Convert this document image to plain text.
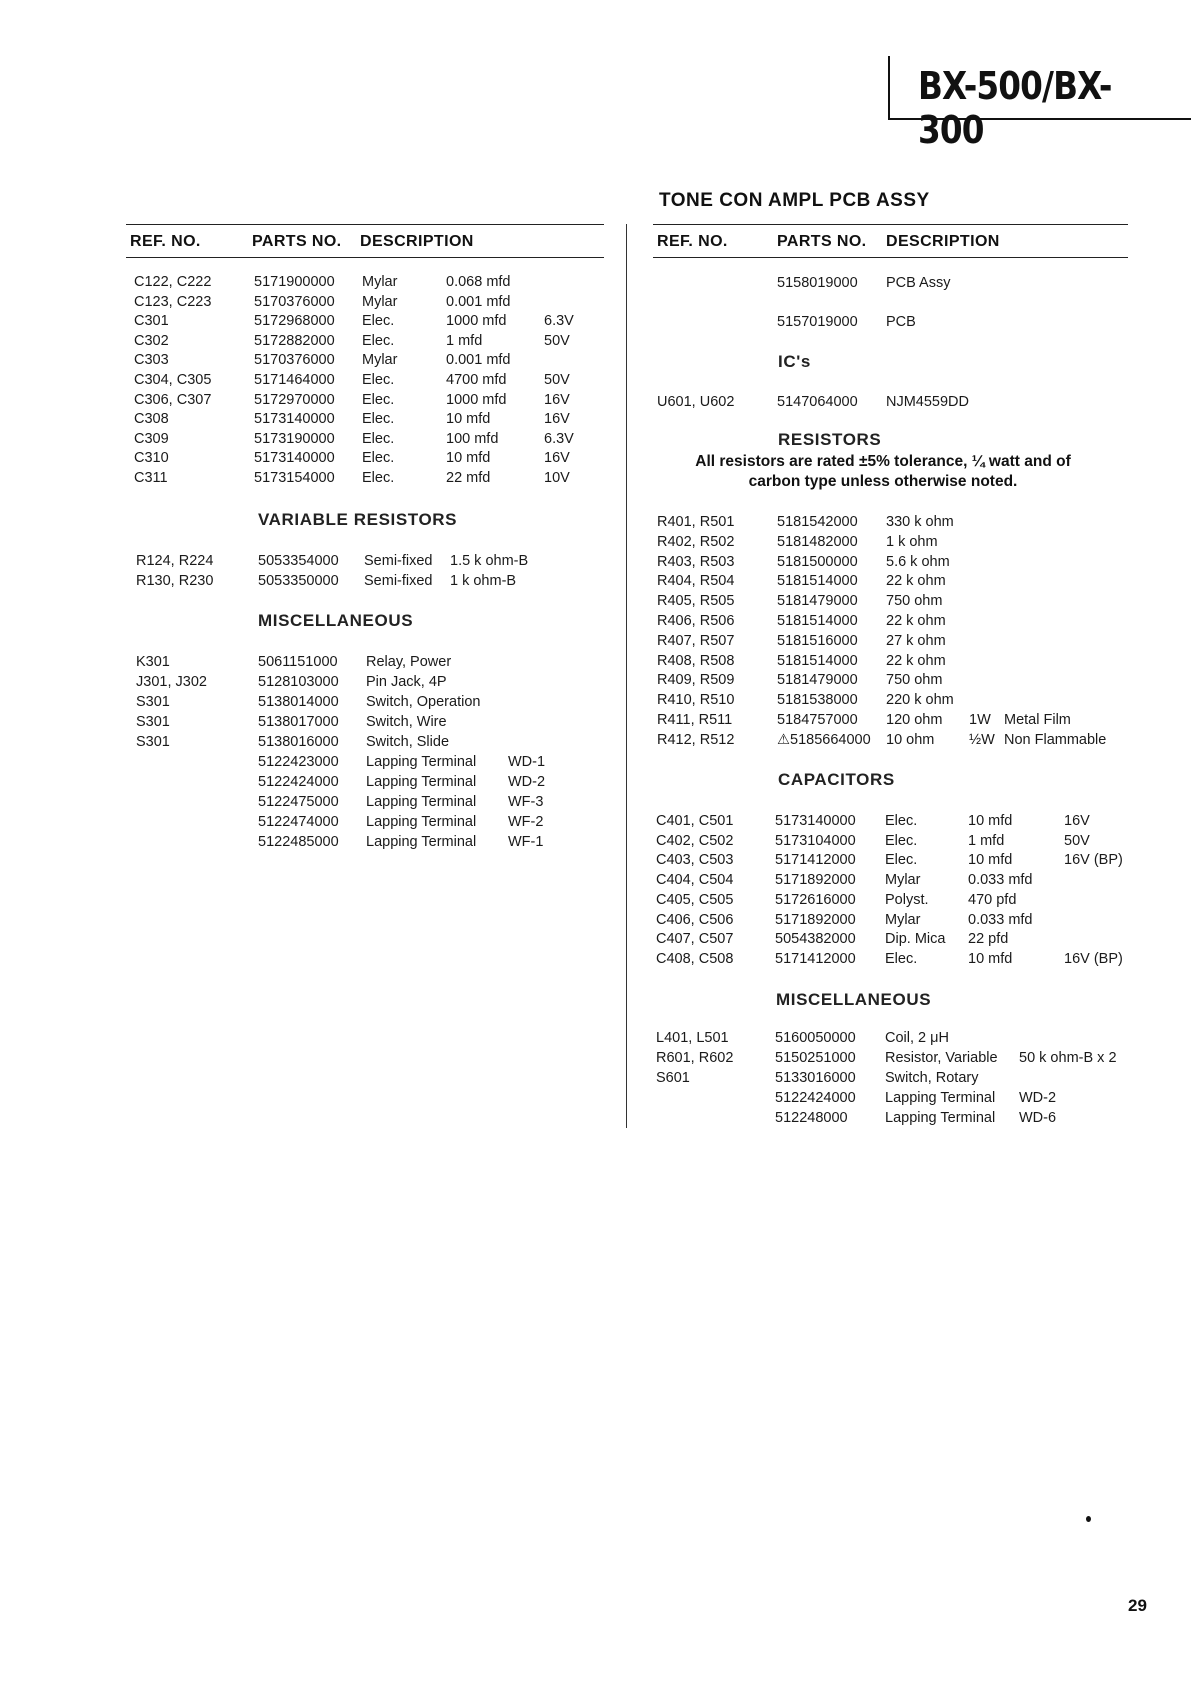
BX-500/BX-300
REF. NO.	PARTS NO. DESCRIPTION
C122, C222	5171900000 Mylar	0.068 mfd
C123, C223	5170376000 Mylar	0.001 mfd
C301	5172968000 Elec.	1000 mfd	6.3V
C302	5172882000 Elec.	1 mfd	50V
C303	5170376000 Mylar	0.001 mfd
C304, C305	5171464000 Elec.	4700 mfd	50V
C306, C307	5172970000 Elec.	1000 mfd	16V
C308	5173140000 Elec.	10 mfd	16V
C309	5173190000 Elec.	100 mfd	6.3V
C310	5173140000 Elec.	10 mfd	16V
C311	5173154000 Elec.	22 mfd	10V
VARIABLE RESISTORS
R124, R224	5053354000 Semi-fixed 1.5 k ohm-B
R130, R230	5053350000 Semi-fixed 1 k ohm-B
MISCELLANEOUS
K301	5061151000 Relay, Power
J301, J302	5128103000 Pin Jack, 4P
S301	5138014000 Switch, Operation
S301	5138017000 Switch, Wire
S301	5138016000 Switch, Slide
5122423000 Lapping Terminal WD-1
5122424000 Lapping Terminal WD-2
5122475000 Lapping Terminal WF-3
5122474000 Lapping Terminal WF-2
5122485000 Lapping Terminal WF-1
TONE CON AMPL PCB ASSY
REF. NO.	PARTS NO. DESCRIPTION
5158019000 PCB Assy
5157019000 PCB
IC's
U601, U602	5147064000 NJM4559DD
RESISTORS
All resistors are rated ±5% tolerance, ¼ watt and of
carbon type unless otherwise noted.
R401, R501	5181542000 330 k ohm
R402, R502	5181482000 1 k ohm
R403, R503	5181500000 5.6 k ohm
R404, R504	5181514000 22 k ohm
R405, R505	5181479000 750 ohm
R406, R506	5181514000 22 k ohm
R407, R507	5181516000 27 k ohm
R408, R508	5181514000 22 k ohm
R409, R509	5181479000 750 ohm
R410, R510	5181538000 220 k ohm
R411, R511	5184757000 120 ohm 1W Metal Film
R412, R512	⚠5185664000 10 ohm ½W Non Flammable
CAPACITORS
C401, C501	5173140000 Elec.	10 mfd	16V
C402, C502	5173104000 Elec.	1 mfd	50V
C403, C503	5171412000 Elec.	10 mfd	16V (BP)
C404, C504	5171892000 Mylar	0.033 mfd
C405, C505	5172616000 Polyst.	470 pfd
C406, C506	5171892000 Mylar	0.033 mfd
C407, C507	5054382000 Dip. Mica 22 pfd
C408, C508	5171412000 Elec.	10 mfd	16V (BP)
MISCELLANEOUS
L401, L501	5160050000 Coil, 2 μH
R601, R602	5150251000 Resistor, Variable 50 k ohm-B x 2
S601	5133016000 Switch, Rotary
5122424000 Lapping Terminal WD-2
512248000	Lapping Terminal WD-6
29
